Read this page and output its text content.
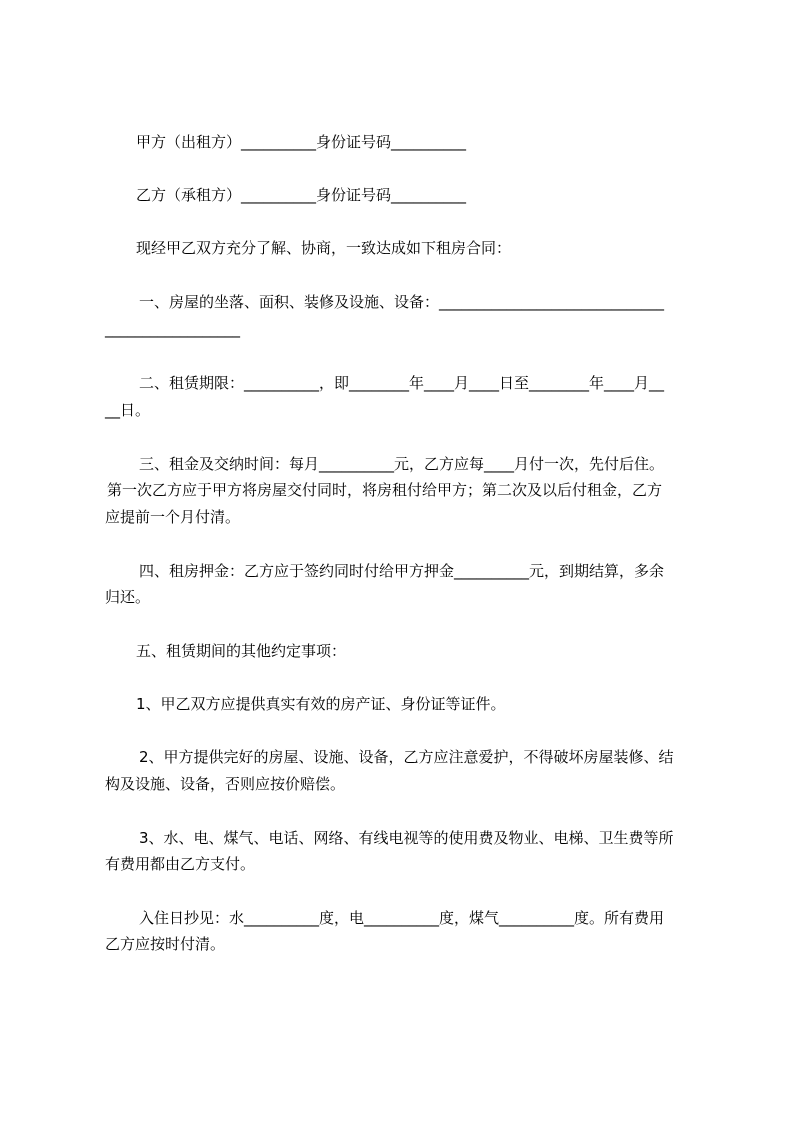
甲方（出租方）__________身份证号码__________
乙方（承租方）__________身份证号码__________
现经甲乙双方充分了解、协商，一致达成如下租房合同：
一、房屋的坐落、面积、装修及设施、设备：______________________________
__________________
二、租赁期限：__________，即________年____月____日至________年____月__
__日。
三、租金及交纳时间：每月__________元，乙方应每____月付一次，先付后住。
第一次乙方应于甲方将房屋交付同时，将房租付给甲方；第二次及以后付租金，乙方
应提前一个月付清。
四、租房押金：乙方应于签约同时付给甲方押金__________元，到期结算，多余
归还。
五、租赁期间的其他约定事项：
1、甲乙双方应提供真实有效的房产证、身份证等证件。
2、甲方提供完好的房屋、设施、设备，乙方应注意爱护，不得破坏房屋装修、结
构及设施、设备，否则应按价赔偿。
3、水、电、煤气、电话、网络、有线电视等的使用费及物业、电梯、卫生费等所
有费用都由乙方支付。
入住日抄见：水__________度，电__________度，煤气__________度。所有费用
乙方应按时付清。
